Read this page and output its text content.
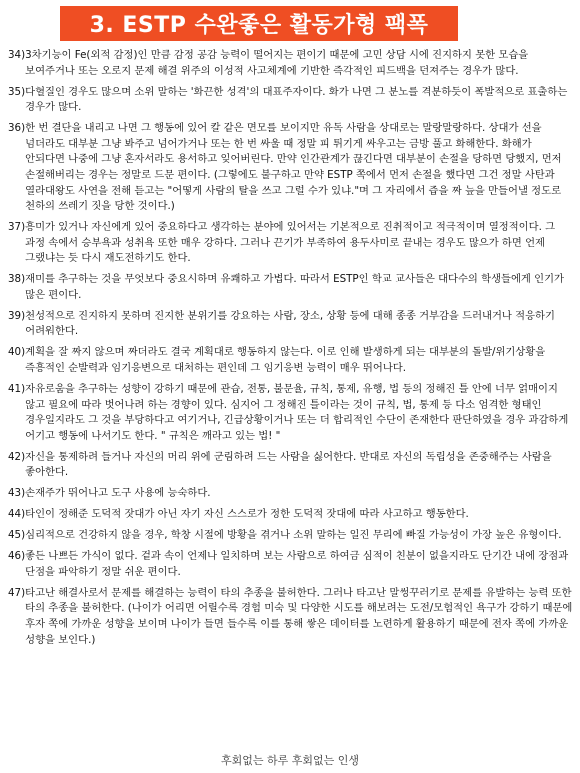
3. ESTP 수완좋은 활동가형 팩폭
34) 3차기능이 Fe(외적 감정)인 만큼 감정 공감 능력이 떨어지는 편이기 때문에 고민 상담 시에 진지하지 못한 모습을 보여주거나 또는 오로지 문제 해결 위주의 이성적 사고체계에 기반한 즉각적인 피드백을 던져주는 경우가 많다.
35) 다혈질인 경우도 많으며 소위 말하는 '화끈한 성격'의 대표주자이다. 화가 나면 그 분노를 격분하듯이 폭발적으로 표출하는 경우가 많다.
36) 한 번 결단을 내리고 나면 그 행동에 있어 칼 같은 면모를 보이지만 유독 사람을 상대로는 말랑말랑하다. 상대가 선을 넘더라도 대부분 그냥 봐주고 넘어가거나 또는 한 번 싸울 때 정말 피 튀기게 싸우고는 금방 풀고 화해한다. 화해가 안되다면 나중에 그냥 혼자서라도 용서하고 잊어버린다. 만약 인간관계가 끊긴다면 대부분이 손절을 당하면 당했지, 먼저 손절해버리는 경우는 정말로 드문 편이다. (그렇에도 불구하고 만약 ESTP 쪽에서 먼저 손절을 했다면 그건 정말 사탄과 열라대왕도 사연을 전해 듣고는 "어떻게 사람의 탈을 쓰고 그럴 수가 있냐."며 그 자리에서 즙을 짜 늪을 만들어낼 정도로 천하의 쓰레기 짓을 당한 것이다.)
37) 흥미가 있거나 자신에게 있어 중요하다고 생각하는 분야에 있어서는 기본적으로 진취적이고 적극적이며 열정적이다. 그 과정 속에서 승부욕과 성취욕 또한 매우 강하다. 그러나 끈기가 부족하여 용두사미로 끝내는 경우도 많으가 하면 언제 그랬냐는 듯 다시 재도전하기도 한다.
38) 재미를 추구하는 것을 무엇보다 중요시하며 유쾌하고 가볍다. 따라서 ESTP인 학교 교사들은 대다수의 학생들에게 인기가 많은 편이다.
39) 천성적으로 진지하지 못하며 진지한 분위기를 강요하는 사람, 장소, 상황 등에 대해 종종 거부감을 드러내거나 적응하기 어려워한다.
40) 계획을 잘 짜지 않으며 짜더라도 결국 계획대로 행동하지 않는다. 이로 인해 발생하게 되는 대부분의 돌발/위기상황을 즉흥적인 순발력과 임기응변으로 대처하는 편인데 그 임기응변 능력이 매우 뛰어나다.
41) 자유로움을 추구하는 성향이 강하기 때문에 관습, 전통, 불문율, 규칙, 통제, 유행, 법 등의 정해진 틀 안에 너무 얽매이지 않고 필요에 따라 벗어나려 하는 경향이 있다. 심지어 그 정해진 틀이라는 것이 규칙, 법, 통제 등 다소 엄격한 형태인 경우일지라도 그 것을 부당하다고 여기거나, 긴급상황이거나 또는 더 합리적인 수단이 존재한다 판단하였을 경우 과감하게 어기고 행동에 나서기도 한다. " 규칙은 깨라고 있는 법! "
42) 자신을 통제하려 들거나 자신의 머리 위에 군림하려 드는 사람을 싫어한다. 반대로 자신의 독립성을 존중해주는 사람을 좋아한다.
43) 손재주가 뛰어나고 도구 사용에 능숙하다.
44) 타인이 정해준 도덕적 잣대가 아닌 자기 자신 스스로가 정한 도덕적 잣대에 따라 사고하고 행동한다.
45) 심리적으로 건강하지 않을 경우, 학창 시절에 방황을 겪거나 소위 말하는 일진 무리에 빠질 가능성이 가장 높은 유형이다.
46) 좋든 나쁘든 가식이 없다. 겉과 속이 언제나 일치하며 보는 사람으로 하여금 심적이 친분이 없을지라도 단기간 내에 장점과 단점을 파악하기 정말 쉬운 편이다.
47) 타고난 해결사로서 문제를 해결하는 능력이 타의 추종을 불허한다. 그러나 타고난 말썽꾸러기로 문제를 유발하는 능력 또한 타의 추종을 불허한다. (나이가 어리면 어릴수록 경험 미숙 및 다양한 시도를 해보려는 도전/모험적인 욕구가 강하기 때문에 후자 쪽에 가까운 성향을 보이며 나이가 들면 들수록 이를 통해 쌓은 데이터를 노련하게 활용하기 때문에 전자 쪽에 가까운 성향을 보인다.)
후회없는 하루 후회없는 인생
